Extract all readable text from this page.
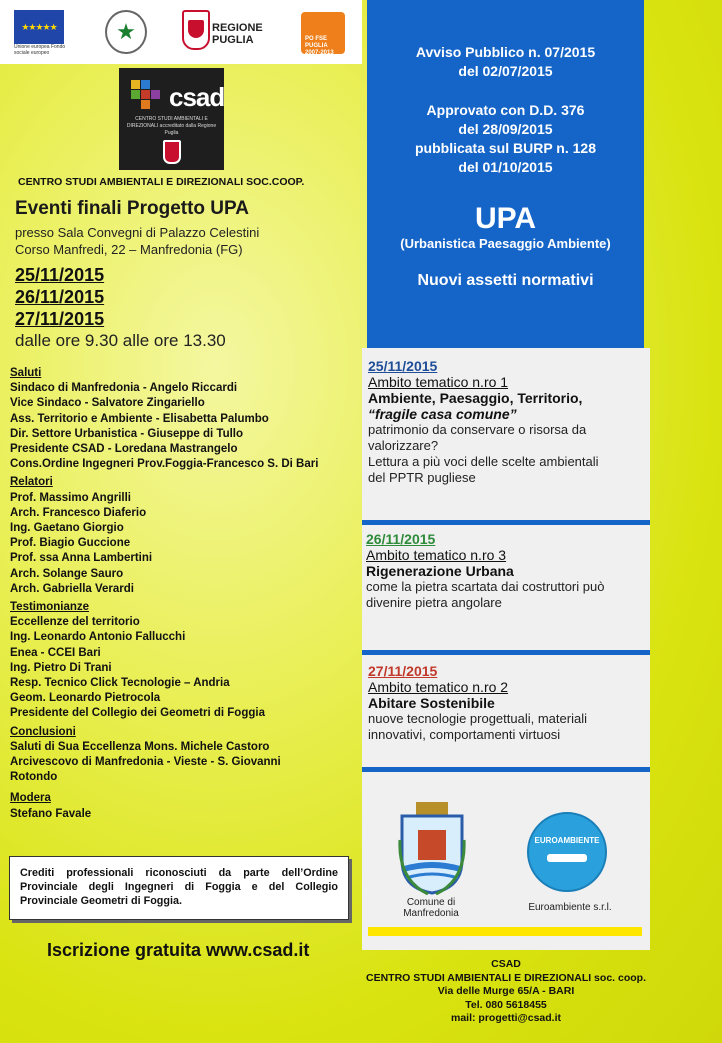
★★★★★
Unione europea Fondo sociale europeo
★	REGIONE PUGLIA	PO FSE PUGLIA 2007-2013
csad
CENTRO STUDI AMBIENTALI E DIREZIONALI accreditato dalla Regione Puglia
CENTRO STUDI AMBIENTALI E DIREZIONALI SOC.COOP.
Eventi finali Progetto UPA
presso Sala Convegni di Palazzo Celestini
Corso Manfredi, 22 – Manfredonia (FG)
25/11/2015
26/11/2015
27/11/2015
dalle ore 9.30 alle ore 13.30
Saluti
Sindaco di Manfredonia - Angelo Riccardi
Vice Sindaco - Salvatore Zingariello
Ass. Territorio e Ambiente - Elisabetta Palumbo
Dir. Settore Urbanistica - Giuseppe di Tullo
Presidente CSAD - Loredana Mastrangelo
Cons.Ordine Ingegneri Prov.Foggia-Francesco S. Di Bari
Relatori
Prof. Massimo Angrilli
Arch. Francesco Diaferio
Ing. Gaetano Giorgio
Prof. Biagio Guccione
Prof. ssa Anna Lambertini
Arch. Solange Sauro
Arch. Gabriella Verardi
Testimonianze
Eccellenze del territorio
Ing. Leonardo Antonio Fallucchi
Enea - CCEI Bari
Ing. Pietro Di Trani
Resp. Tecnico Click Tecnologie – Andria
Geom. Leonardo Pietrocola
Presidente del Collegio dei Geometri di Foggia
Conclusioni
Saluti di Sua Eccellenza Mons. Michele Castoro
Arcivescovo di Manfredonia - Vieste - S. Giovanni
Rotondo
Modera
Stefano Favale
Crediti professionali riconosciuti da parte dell’Ordine Provinciale degli Ingegneri di Foggia e del Collegio Provinciale Geometri di Foggia.
Iscrizione gratuita www.csad.it
Avviso Pubblico n. 07/2015
del 02/07/2015
Approvato con D.D. 376
del 28/09/2015
pubblicata sul BURP n. 128
del 01/10/2015
UPA
(Urbanistica Paesaggio Ambiente)
Nuovi assetti normativi
25/11/2015
Ambito tematico n.ro 1
Ambiente, Paesaggio, Territorio,
“fragile casa comune”
patrimonio da conservare o risorsa da valorizzare?
Lettura a più voci delle scelte ambientali del PPTR pugliese
26/11/2015
Ambito tematico n.ro 3
Rigenerazione Urbana
come la pietra scartata dai costruttori può divenire pietra angolare
27/11/2015
Ambito tematico n.ro 2
Abitare Sostenibile
nuove tecnologie progettuali, materiali innovativi, comportamenti virtuosi
Comune di Manfredonia
EUROAMBIENTE
Euroambiente s.r.l.
CSAD
CENTRO STUDI AMBIENTALI E DIREZIONALI soc. coop.
Via delle Murge 65/A - BARI
Tel. 080 5618455
mail: progetti@csad.it
